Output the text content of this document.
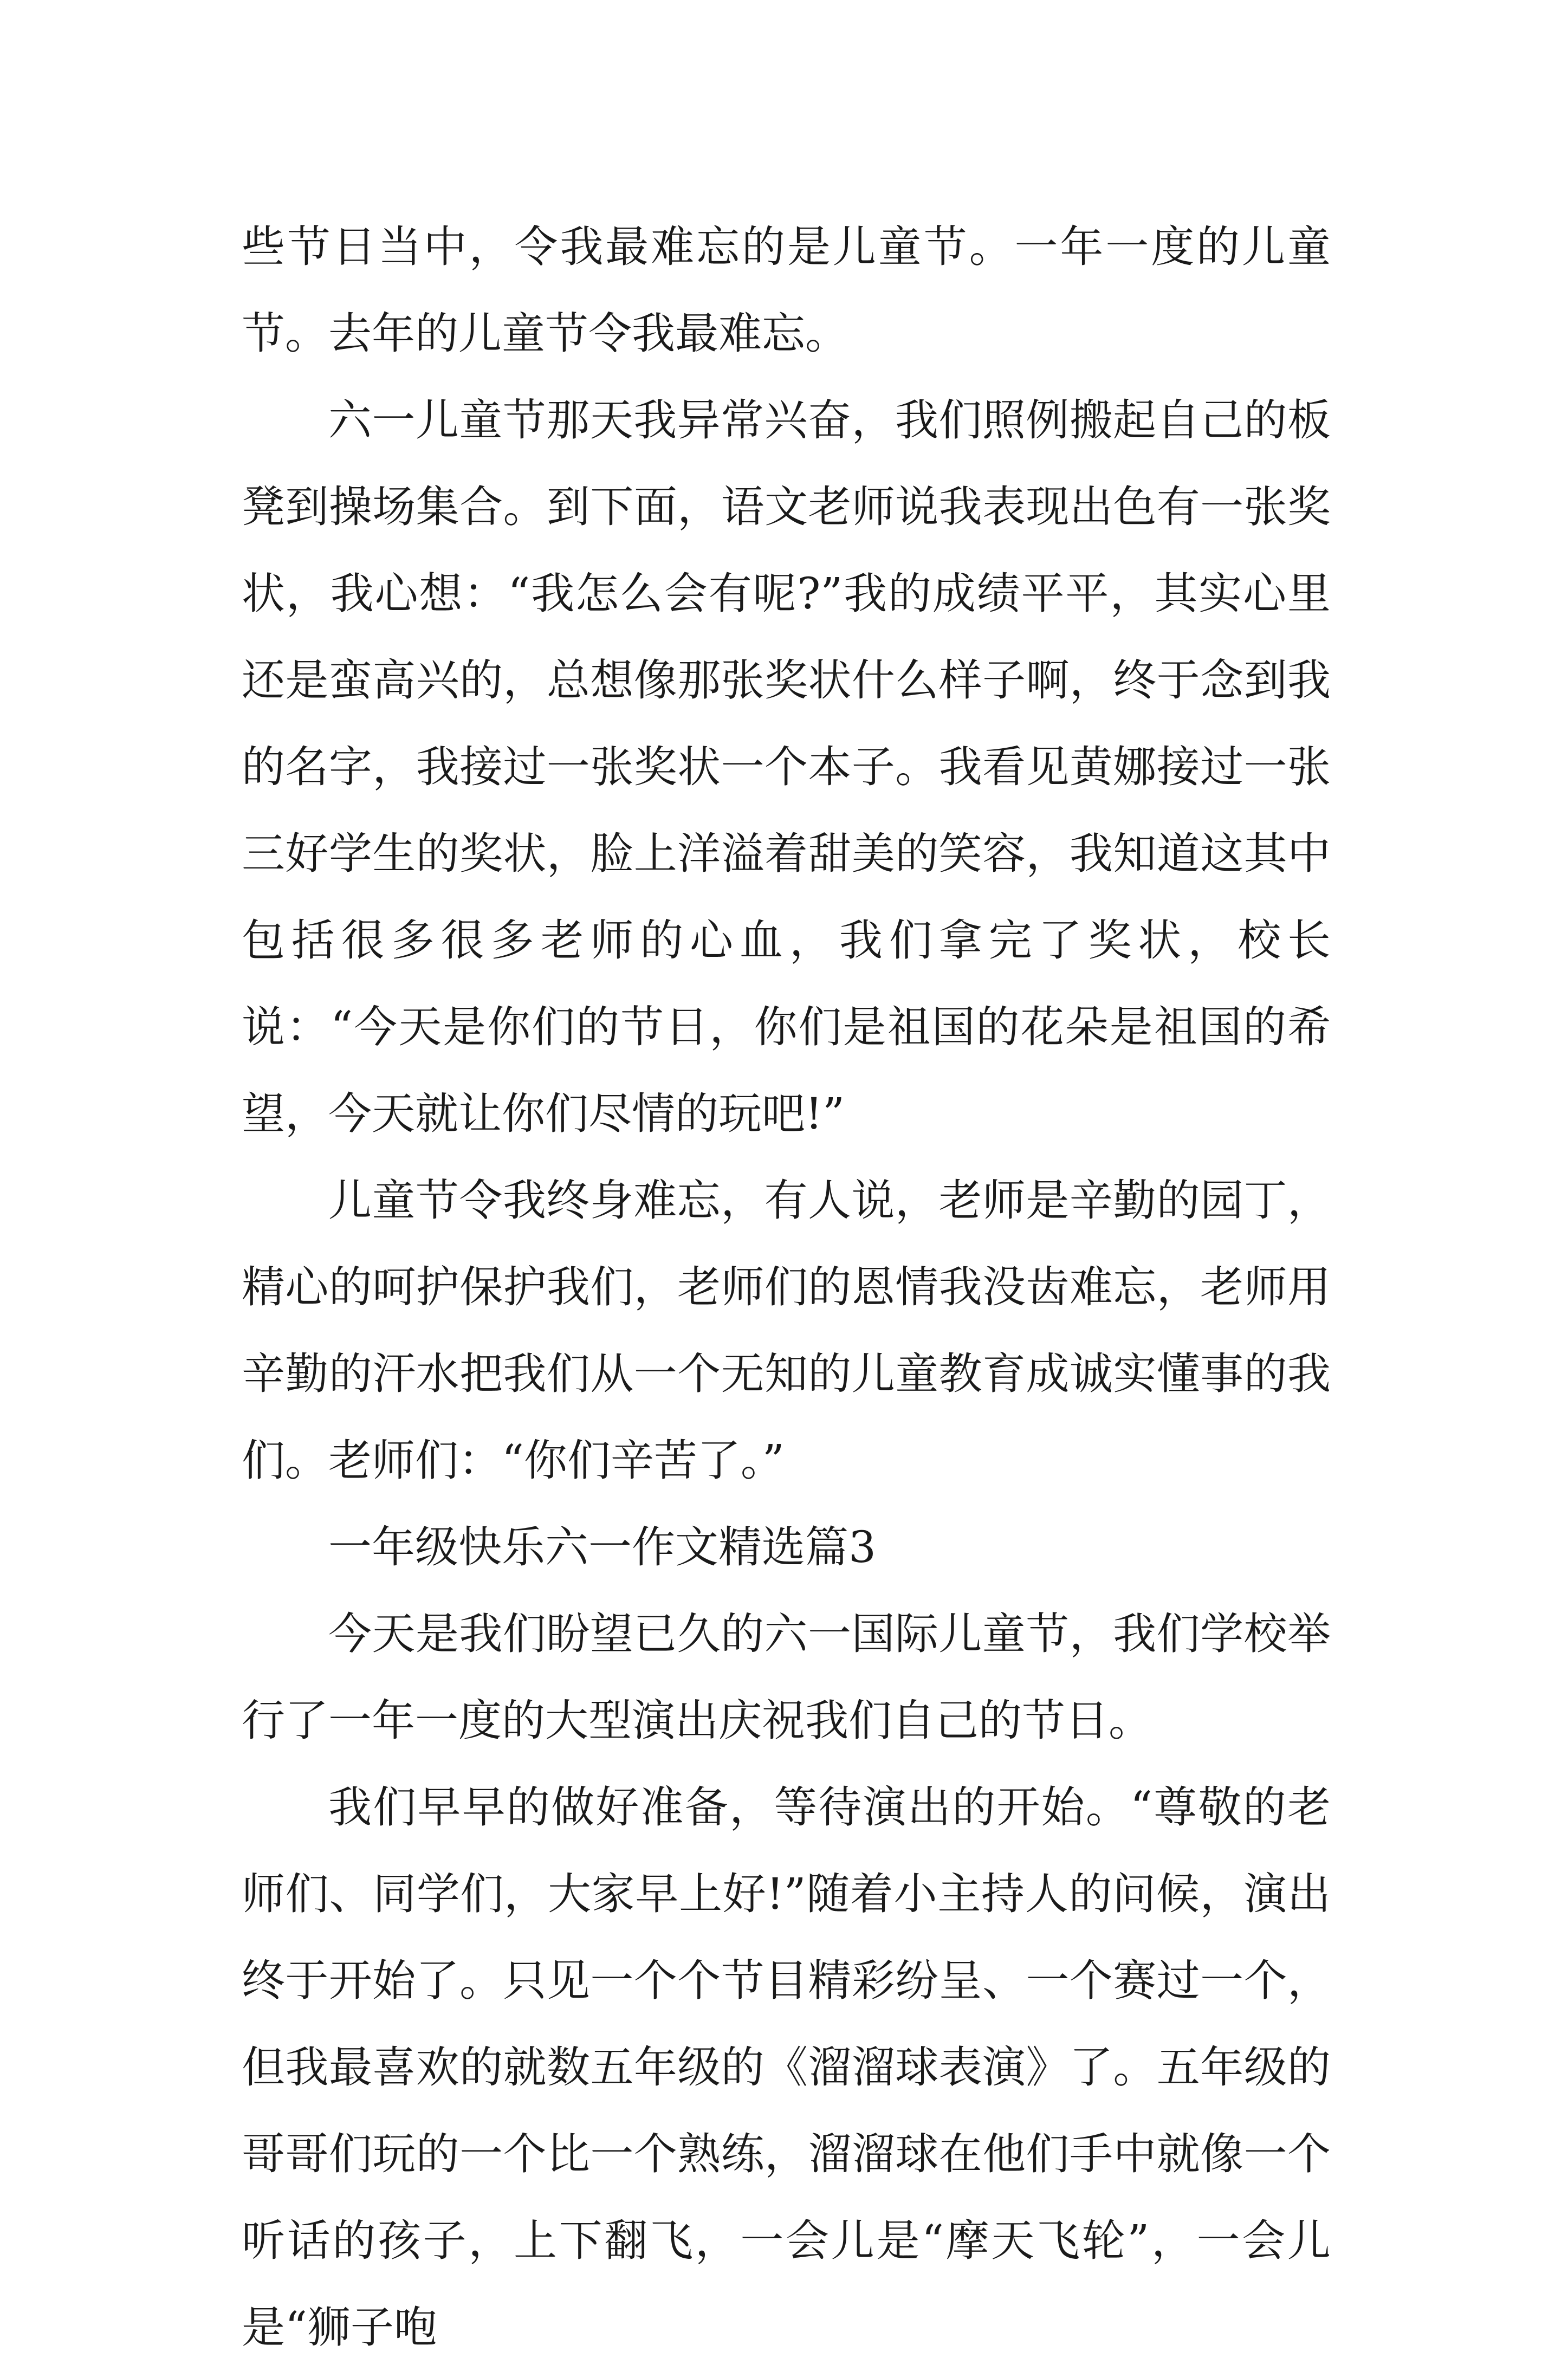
些节日当中，令我最难忘的是儿童节。一年一度的儿童节。去年的儿童节令我最难忘。

六一儿童节那天我异常兴奋，我们照例搬起自己的板凳到操场集合。到下面，语文老师说我表现出色有一张奖状，我心想：“我怎么会有呢?”我的成绩平平，其实心里还是蛮高兴的，总想像那张奖状什么样子啊，终于念到我的名字，我接过一张奖状一个本子。我看见黄娜接过一张三好学生的奖状，脸上洋溢着甜美的笑容，我知道这其中包括很多很多老师的心血，我们拿完了奖状，校长说：“今天是你们的节日，你们是祖国的花朵是祖国的希望，今天就让你们尽情的玩吧!”

儿童节令我终身难忘，有人说，老师是辛勤的园丁，精心的呵护保护我们，老师们的恩情我没齿难忘，老师用辛勤的汗水把我们从一个无知的儿童教育成诚实懂事的我们。老师们：“你们辛苦了。”

一年级快乐六一作文精选篇3

今天是我们盼望已久的六一国际儿童节，我们学校举行了一年一度的大型演出庆祝我们自己的节日。

我们早早的做好准备，等待演出的开始。“尊敬的老师们、同学们，大家早上好!”随着小主持人的问候，演出终于开始了。只见一个个节目精彩纷呈、一个赛过一个，但我最喜欢的就数五年级的《溜溜球表演》了。五年级的哥哥们玩的一个比一个熟练，溜溜球在他们手中就像一个听话的孩子，上下翻飞，一会儿是“摩天飞轮”，一会儿是“狮子咆
